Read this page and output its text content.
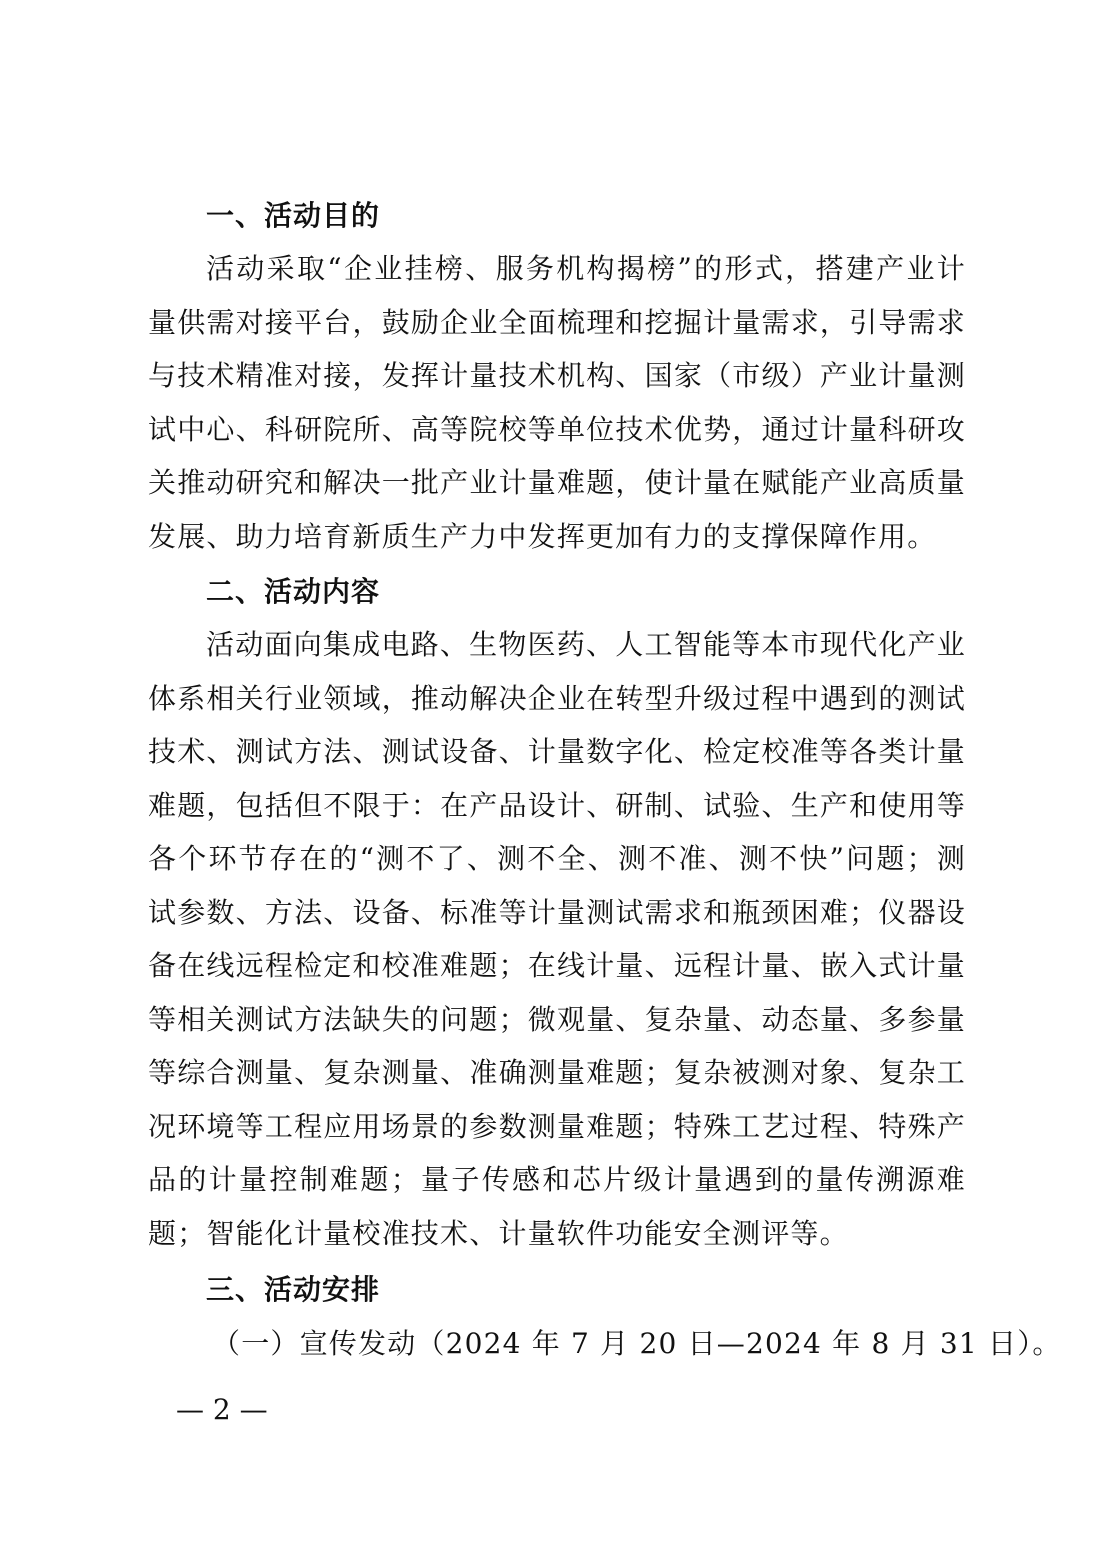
一、活动目的
活动采取“企业挂榜、服务机构揭榜”的形式，搭建产业计量供需对接平台，鼓励企业全面梳理和挖掘计量需求，引导需求与技术精准对接，发挥计量技术机构、国家（市级）产业计量测试中心、科研院所、高等院校等单位技术优势，通过计量科研攻关推动研究和解决一批产业计量难题，使计量在赋能产业高质量发展、助力培育新质生产力中发挥更加有力的支撑保障作用。
二、活动内容
活动面向集成电路、生物医药、人工智能等本市现代化产业体系相关行业领域，推动解决企业在转型升级过程中遇到的测试技术、测试方法、测试设备、计量数字化、检定校准等各类计量难题，包括但不限于：在产品设计、研制、试验、生产和使用等各个环节存在的“测不了、测不全、测不准、测不快”问题；测试参数、方法、设备、标准等计量测试需求和瓶颈困难；仪器设备在线远程检定和校准难题；在线计量、远程计量、嵌入式计量等相关测试方法缺失的问题；微观量、复杂量、动态量、多参量等综合测量、复杂测量、准确测量难题；复杂被测对象、复杂工况环境等工程应用场景的参数测量难题；特殊工艺过程、特殊产品的计量控制难题；量子传感和芯片级计量遇到的量传溯源难题；智能化计量校准技术、计量软件功能安全测评等。
三、活动安排
（一）宣传发动（2024 年 7 月 20 日—2024 年 8 月 31 日）。
— 2 —
